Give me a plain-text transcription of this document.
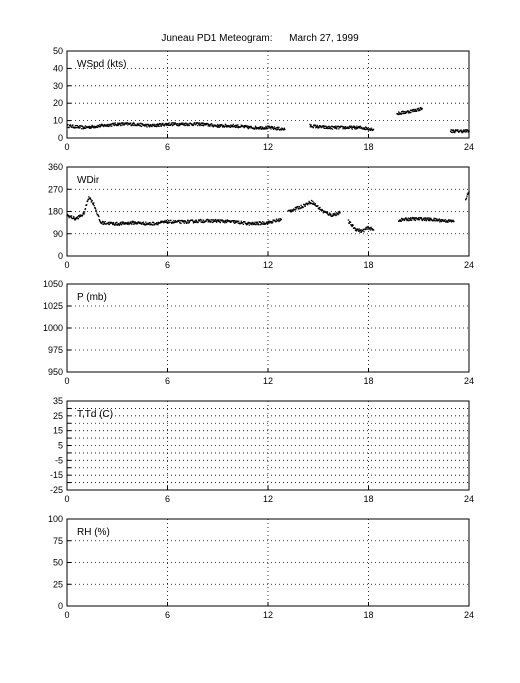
Juneau PD1 Meteogram:      March 27, 1999
0	6	12	18	24
0
10
20
30
40
50
WSpd (kts)
0	6	12	18	24
0
90
180
270
360
WDir
0	6	12	18	24
950
975
1000
1025
1050
P (mb)
0	6	12	18	24
-25
-15
-5
5
15
25
35
T,Td (C)
0	6	12	18	24
0
25
50
75
100
RH (%)
